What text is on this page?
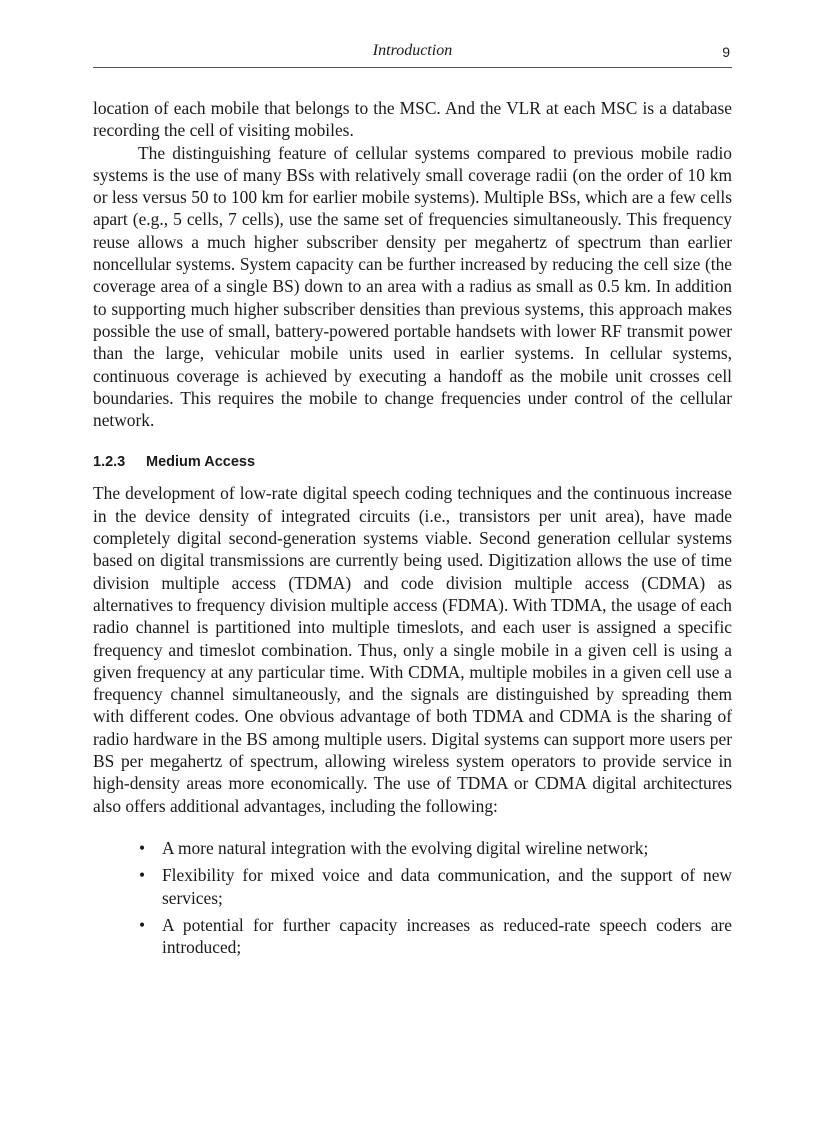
Introduction	9

location of each mobile that belongs to the MSC. And the VLR at each MSC is a database recording the cell of visiting mobiles.

The distinguishing feature of cellular systems compared to previous mobile radio systems is the use of many BSs with relatively small coverage radii (on the order of 10 km or less versus 50 to 100 km for earlier mobile systems). Multiple BSs, which are a few cells apart (e.g., 5 cells, 7 cells), use the same set of frequencies simultaneously. This frequency reuse allows a much higher subscriber density per megahertz of spectrum than earlier noncellular systems. System capacity can be further increased by reducing the cell size (the coverage area of a single BS) down to an area with a radius as small as 0.5 km. In addition to supporting much higher subscriber densities than previous systems, this approach makes possible the use of small, battery-powered portable handsets with lower RF transmit power than the large, vehicular mobile units used in earlier systems. In cellular systems, continuous coverage is achieved by executing a handoff as the mobile unit crosses cell boundaries. This requires the mobile to change frequencies under control of the cellular network.

1.2.3 Medium Access

The development of low-rate digital speech coding techniques and the continuous increase in the device density of integrated circuits (i.e., transistors per unit area), have made completely digital second-generation systems viable. Second generation cellular systems based on digital transmissions are currently being used. Digitization allows the use of time division multiple access (TDMA) and code division multiple access (CDMA) as alternatives to frequency division multiple access (FDMA). With TDMA, the usage of each radio channel is partitioned into multiple timeslots, and each user is assigned a specific frequency and timeslot combination. Thus, only a single mobile in a given cell is using a given frequency at any particular time. With CDMA, multiple mobiles in a given cell use a frequency channel simultaneously, and the signals are distinguished by spreading them with different codes. One obvious advantage of both TDMA and CDMA is the sharing of radio hardware in the BS among multiple users. Digital systems can support more users per BS per megahertz of spectrum, allowing wireless system operators to provide service in high-density areas more economically. The use of TDMA or CDMA digital architectures also offers additional advantages, including the following:

• A more natural integration with the evolving digital wireline network;
• Flexibility for mixed voice and data communication, and the support of new services;
• A potential for further capacity increases as reduced-rate speech coders are introduced;
